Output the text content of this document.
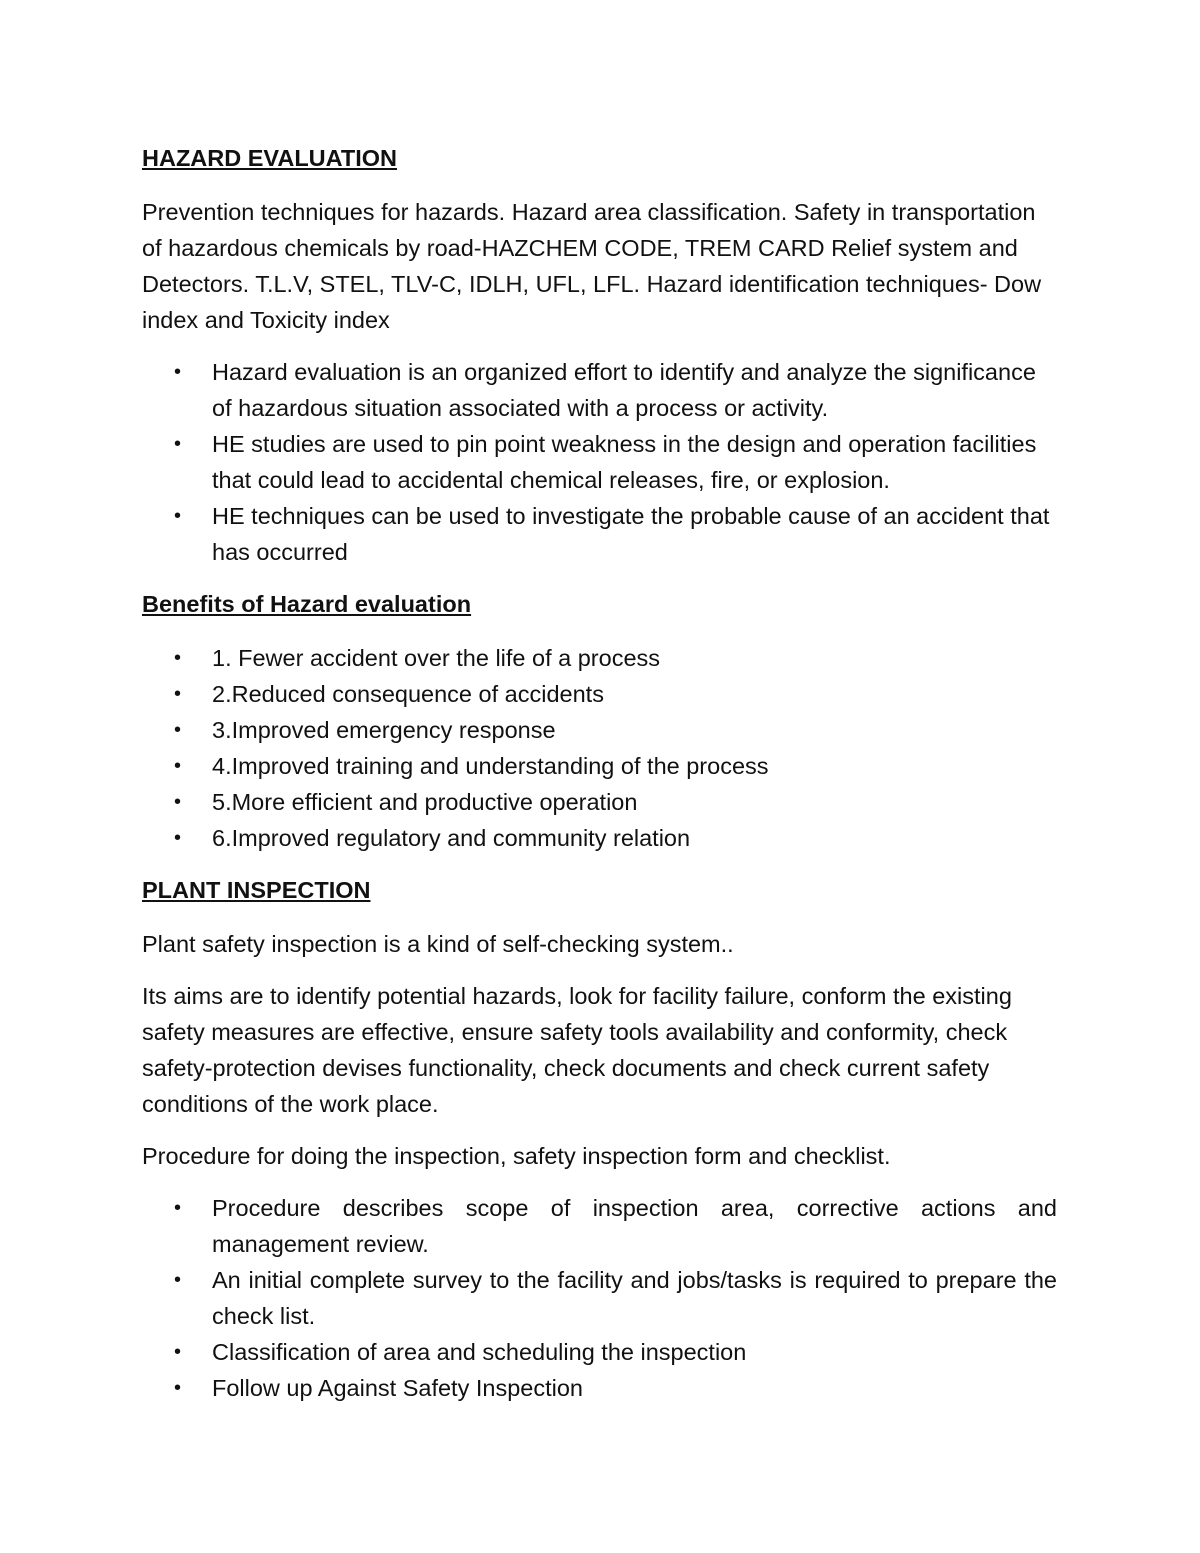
HAZARD EVALUATION

Prevention techniques for hazards. Hazard area classification. Safety in transportation of hazardous chemicals by road-HAZCHEM CODE, TREM CARD Relief system and Detectors. T.L.V, STEL, TLV-C, IDLH, UFL, LFL. Hazard identification techniques- Dow index and Toxicity index

• Hazard evaluation is an organized effort to identify and analyze the significance of hazardous situation associated with a process or activity.
• HE studies are used to pin point weakness in the design and operation facilities that could lead to accidental chemical releases, fire, or explosion.
• HE techniques can be used to investigate the probable cause of an accident that has occurred
Benefits of Hazard evaluation
• 1. Fewer accident over the life of a process
• 2.Reduced consequence of accidents
• 3.Improved emergency response
• 4.Improved training and understanding of the process
• 5.More efficient and productive operation
• 6.Improved regulatory and community relation
PLANT INSPECTION

Plant safety inspection is a kind of self-checking system..

Its aims are to identify potential hazards, look for facility failure, conform the existing safety measures are effective, ensure safety tools availability and conformity, check safety-protection devises functionality, check documents and check current safety conditions of the work place.

Procedure for doing the inspection, safety inspection form and checklist.

• Procedure describes scope of inspection area, corrective actions and management review.
• An initial complete survey to the facility and jobs/tasks is required to prepare the check list.
• Classification of area and scheduling the inspection
• Follow up Against Safety Inspection
